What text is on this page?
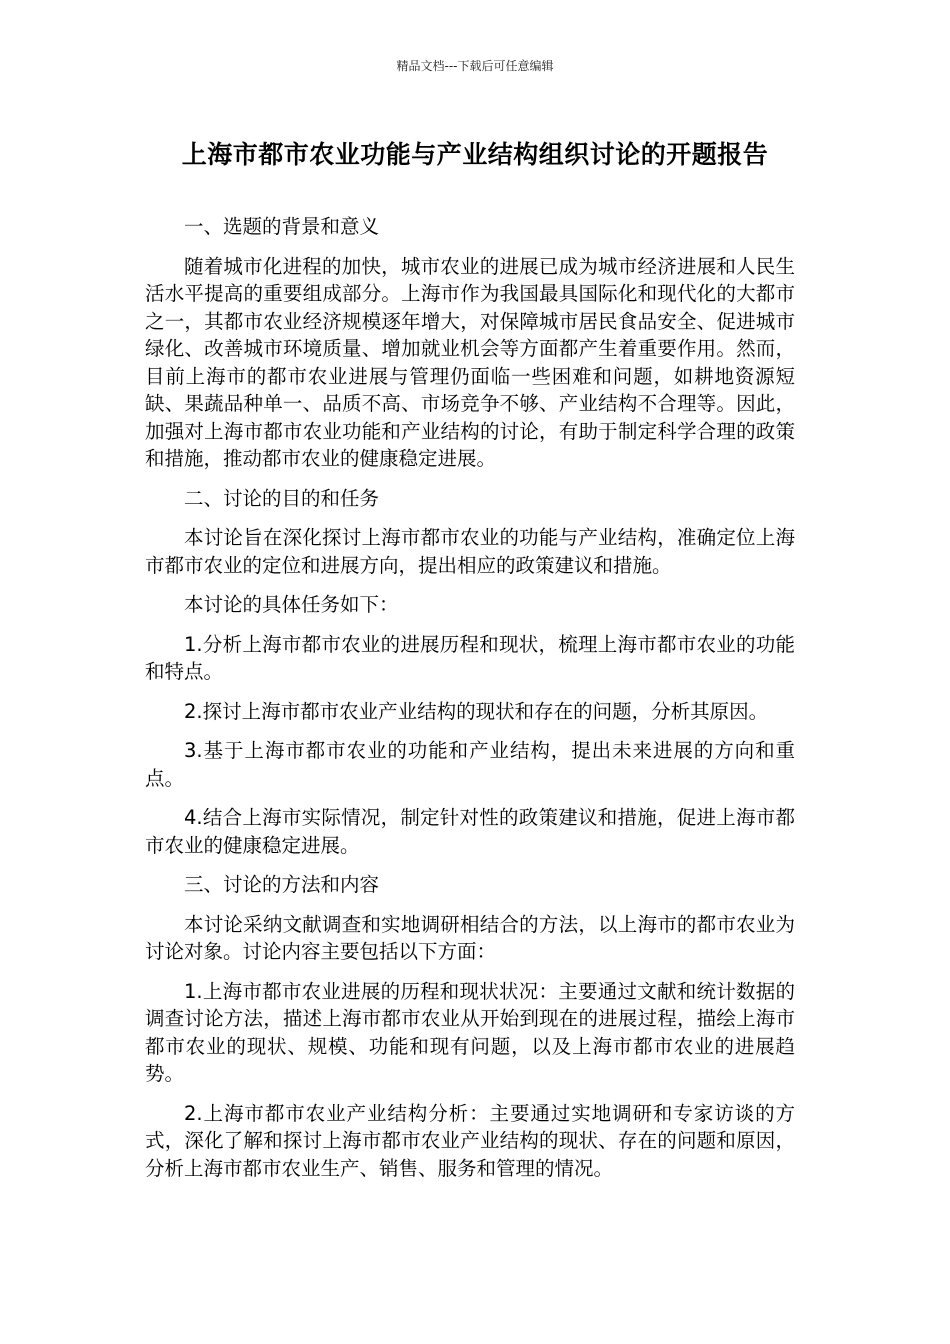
精品文档---下载后可任意编辑
上海市都市农业功能与产业结构组织讨论的开题报告

一、选题的背景和意义

随着城市化进程的加快，城市农业的进展已成为城市经济进展和人民生活水平提高的重要组成部分。上海市作为我国最具国际化和现代化的大都市之一，其都市农业经济规模逐年增大，对保障城市居民食品安全、促进城市绿化、改善城市环境质量、增加就业机会等方面都产生着重要作用。然而，目前上海市的都市农业进展与管理仍面临一些困难和问题，如耕地资源短缺、果蔬品种单一、品质不高、市场竞争不够、产业结构不合理等。因此，加强对上海市都市农业功能和产业结构的讨论，有助于制定科学合理的政策和措施，推动都市农业的健康稳定进展。

二、讨论的目的和任务

本讨论旨在深化探讨上海市都市农业的功能与产业结构，准确定位上海市都市农业的定位和进展方向，提出相应的政策建议和措施。

本讨论的具体任务如下：

1.分析上海市都市农业的进展历程和现状，梳理上海市都市农业的功能和特点。

2.探讨上海市都市农业产业结构的现状和存在的问题，分析其原因。

3.基于上海市都市农业的功能和产业结构，提出未来进展的方向和重点。

4.结合上海市实际情况，制定针对性的政策建议和措施，促进上海市都市农业的健康稳定进展。

三、讨论的方法和内容

本讨论采纳文献调查和实地调研相结合的方法，以上海市的都市农业为讨论对象。讨论内容主要包括以下方面：

1.上海市都市农业进展的历程和现状状况：主要通过文献和统计数据的调查讨论方法，描述上海市都市农业从开始到现在的进展过程，描绘上海市都市农业的现状、规模、功能和现有问题，以及上海市都市农业的进展趋势。

2.上海市都市农业产业结构分析：主要通过实地调研和专家访谈的方式，深化了解和探讨上海市都市农业产业结构的现状、存在的问题和原因，分析上海市都市农业生产、销售、服务和管理的情况。
